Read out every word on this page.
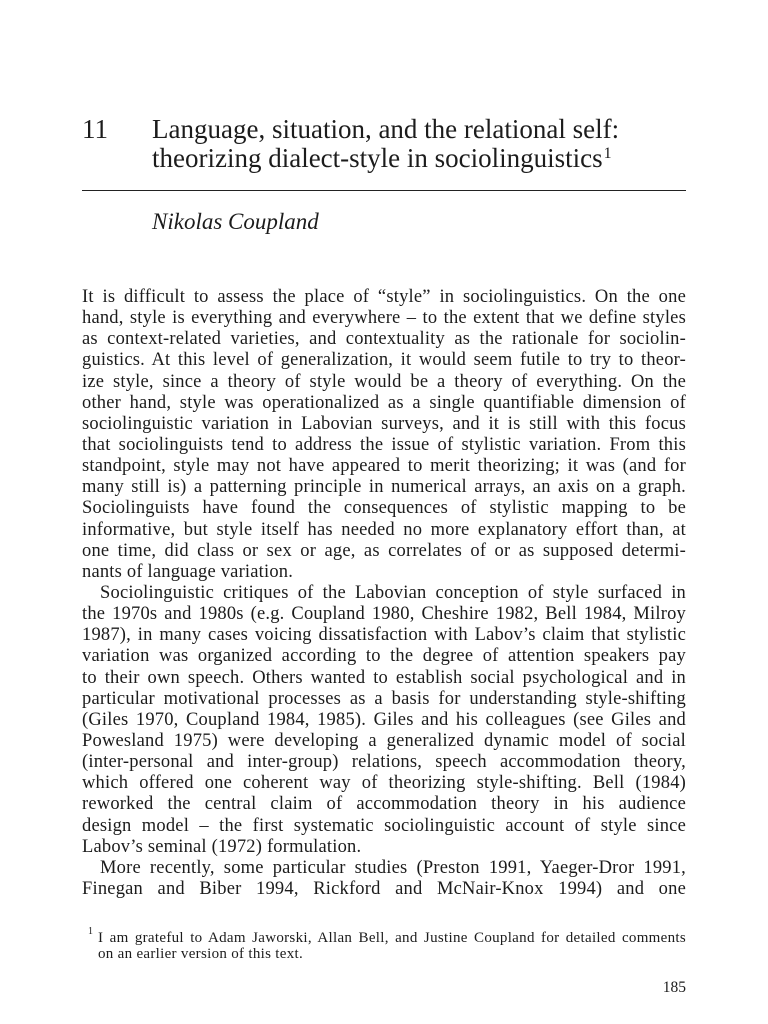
11 Language, situation, and the relational self:
theorizing dialect-style in sociolinguistics$^1$
Nikolas Coupland
It is difficult to assess the place of “style” in sociolinguistics. On the one
hand, style is everything and everywhere – to the extent that we define styles
as context-related varieties, and contextuality as the rationale for sociolin-
guistics. At this level of generalization, it would seem futile to try to theor-
ize style, since a theory of style would be a theory of everything. On the
other hand, style was operationalized as a single quantifiable dimension of
sociolinguistic variation in Labovian surveys, and it is still with this focus
that sociolinguists tend to address the issue of stylistic variation. From this
standpoint, style may not have appeared to merit theorizing; it was (and for
many still is) a patterning principle in numerical arrays, an axis on a graph.
Sociolinguists have found the consequences of stylistic mapping to be
informative, but style itself has needed no more explanatory effort than, at
one time, did class or sex or age, as correlates of or as supposed determi-
nants of language variation.
Sociolinguistic critiques of the Labovian conception of style surfaced in
the 1970s and 1980s (e.g. Coupland 1980, Cheshire 1982, Bell 1984, Milroy
1987), in many cases voicing dissatisfaction with Labov’s claim that stylistic
variation was organized according to the degree of attention speakers pay
to their own speech. Others wanted to establish social psychological and in
particular motivational processes as a basis for understanding style-shifting
(Giles 1970, Coupland 1984, 1985). Giles and his colleagues (see Giles and
Powesland 1975) were developing a generalized dynamic model of social
(inter-personal and inter-group) relations, speech accommodation theory,
which offered one coherent way of theorizing style-shifting. Bell (1984)
reworked the central claim of accommodation theory in his audience
design model – the first systematic sociolinguistic account of style since
Labov’s seminal (1972) formulation.
More recently, some particular studies (Preston 1991, Yaeger-Dror 1991,
Finegan and Biber 1994, Rickford and McNair-Knox 1994) and one
1 I am grateful to Adam Jaworski, Allan Bell, and Justine Coupland for detailed comments
on an earlier version of this text.
185
